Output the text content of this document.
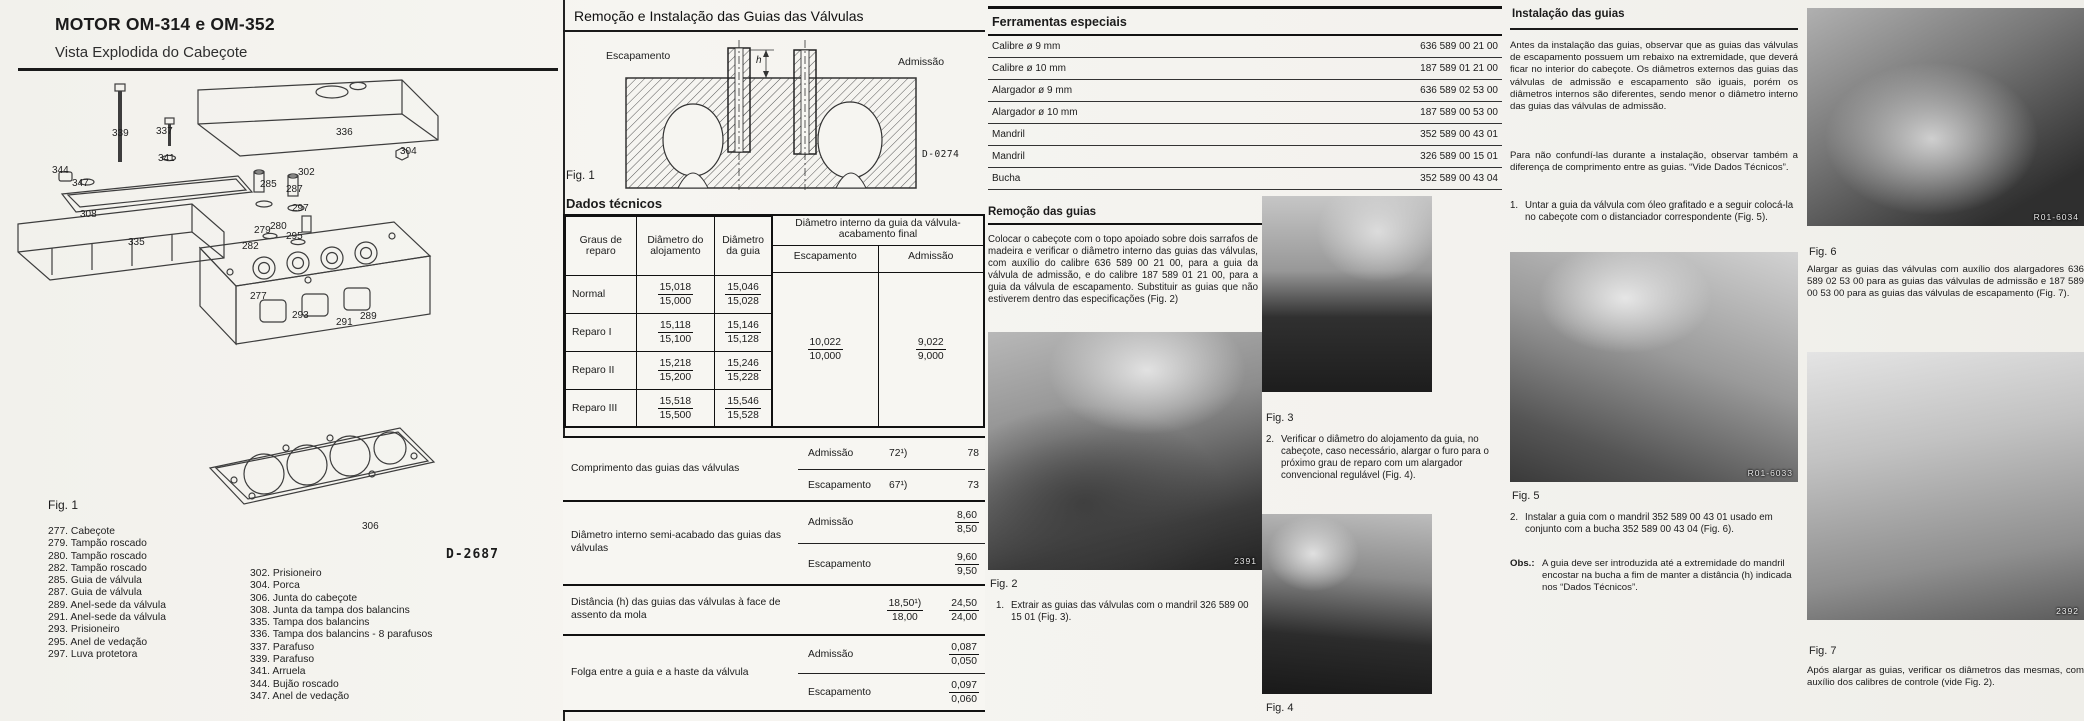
MOTOR OM-314 e OM-352
Vista Explodida do Cabeçote
339	337
341
344
347
336
304
302
285 287
297
280
279
295
282
335
308
277
293
291
289
306
Fig. 1
277. Cabeçote
279. Tampão roscado
280. Tampão roscado
282. Tampão roscado
285. Guia de válvula
287. Guia de válvula
289. Anel-sede da válvula
291. Anel-sede da válvula
293. Prisioneiro
295. Anel de vedação
297. Luva protetora
302. Prisioneiro
304. Porca
306. Junta do cabeçote
308. Junta da tampa dos balancins
335. Tampa dos balancins
336. Tampa dos balancins - 8 parafusos
337. Parafuso
339. Parafuso
341. Arruela
344. Bujão roscado
347. Anel de vedação
D-2687
Remoção e Instalação das Guias das Válvulas
Escapamento	Admissão
h
D-0274
Fig. 1
Dados técnicos
Graus de reparo	Diâmetro do alojamento	Diâmetro da guia
Normal	$\frac{15,018}{15,000}$	$\frac{15,046}{15,028}$

Reparo I	$\frac{15,118}{15,100}$	$\frac{15,146}{15,128}$

Reparo II	$\frac{15,218}{15,200}$	$\frac{15,246}{15,228}$

Reparo III	$\frac{15,518}{15,500}$	$\frac{15,546}{15,528}$
Diâmetro interno da guia da válvula-acabamento final
Escapamento	Admissão
$\frac{10,022}{10,000}$	$\frac{9,022}{9,000}$
Comprimento das guias das válvulas
Admissão	72¹)	78
Escapamento	67¹)	73
Diâmetro interno semi-acabado das guias das válvulas
Admissão	$\frac{8,60}{8,50}$
Escapamento	$\frac{9,60}{9,50}$
Distância (h) das guias das válvulas à face de assento da mola	$\frac{\text{18,50¹)}}{18,00}$	$\frac{24,50}{24,00}$
Folga entre a guia e a haste da válvula
Admissão	$\frac{0,087}{0,050}$
Escapamento	$\frac{0,097}{0,060}$
Ferramentas especiais
Calibre ø 9 mm	636 589 00 21 00
Calibre ø 10 mm	187 589 01 21 00
Alargador ø 9 mm	636 589 02 53 00
Alargador ø 10 mm	187 589 00 53 00
Mandril	352 589 00 43 01
Mandril	326 589 00 15 01
Bucha	352 589 00 43 04
Remoção das guias
Colocar o cabeçote com o topo apoiado sobre dois sarrafos de madeira e verificar o diâmetro interno das guias das válvulas, com auxílio do calibre 636 589 00 21 00, para a guia da válvula de admissão, e do calibre 187 589 01 21 00, para a guia da válvula de escapamento. Substituir as guias que não estiverem dentro das especificações (Fig. 2)
2391
Fig. 2
1. Extrair as guias das válvulas com o mandril 326 589 00 15 01 (Fig. 3).
Fig. 3
2. Verificar o diâmetro do alojamento da guia, no cabeçote, caso necessário, alargar o furo para o próximo grau de reparo com um alargador convencional regulável (Fig. 4).
Fig. 4
Instalação das guias
Antes da instalação das guias, observar que as guias das válvulas de escapamento possuem um rebaixo na extremidade, que deverá ficar no interior do cabeçote. Os diâmetros externos das guias das válvulas de admissão e escapamento são iguais, porém os diâmetros internos são diferentes, sendo menor o diâmetro interno das guias das válvulas de admissão.
Para não confundí-las durante a instalação, observar também a diferença de comprimento entre as guias. “Vide Dados Técnicos”.
1. Untar a guia da válvula com óleo grafitado e a seguir colocá-la no cabeçote com o distanciador correspondente (Fig. 5).
R01-6033
Fig. 5
2. Instalar a guia com o mandril 352 589 00 43 01 usado em conjunto com a bucha 352 589 00 43 04 (Fig. 6).
Obs.: A guia deve ser introduzida até a extremidade do mandril encostar na bucha a fim de manter a distância (h) indicada nos “Dados Técnicos”.
R01-6034
Fig. 6
Alargar as guias das válvulas com auxílio dos alargadores 636 589 02 53 00 para as guias das válvulas de admissão e 187 589 00 53 00 para as guias das válvulas de escapamento (Fig. 7).
2392
Fig. 7
Após alargar as guias, verificar os diâmetros das mesmas, com auxílio dos calibres de controle (vide Fig. 2).
